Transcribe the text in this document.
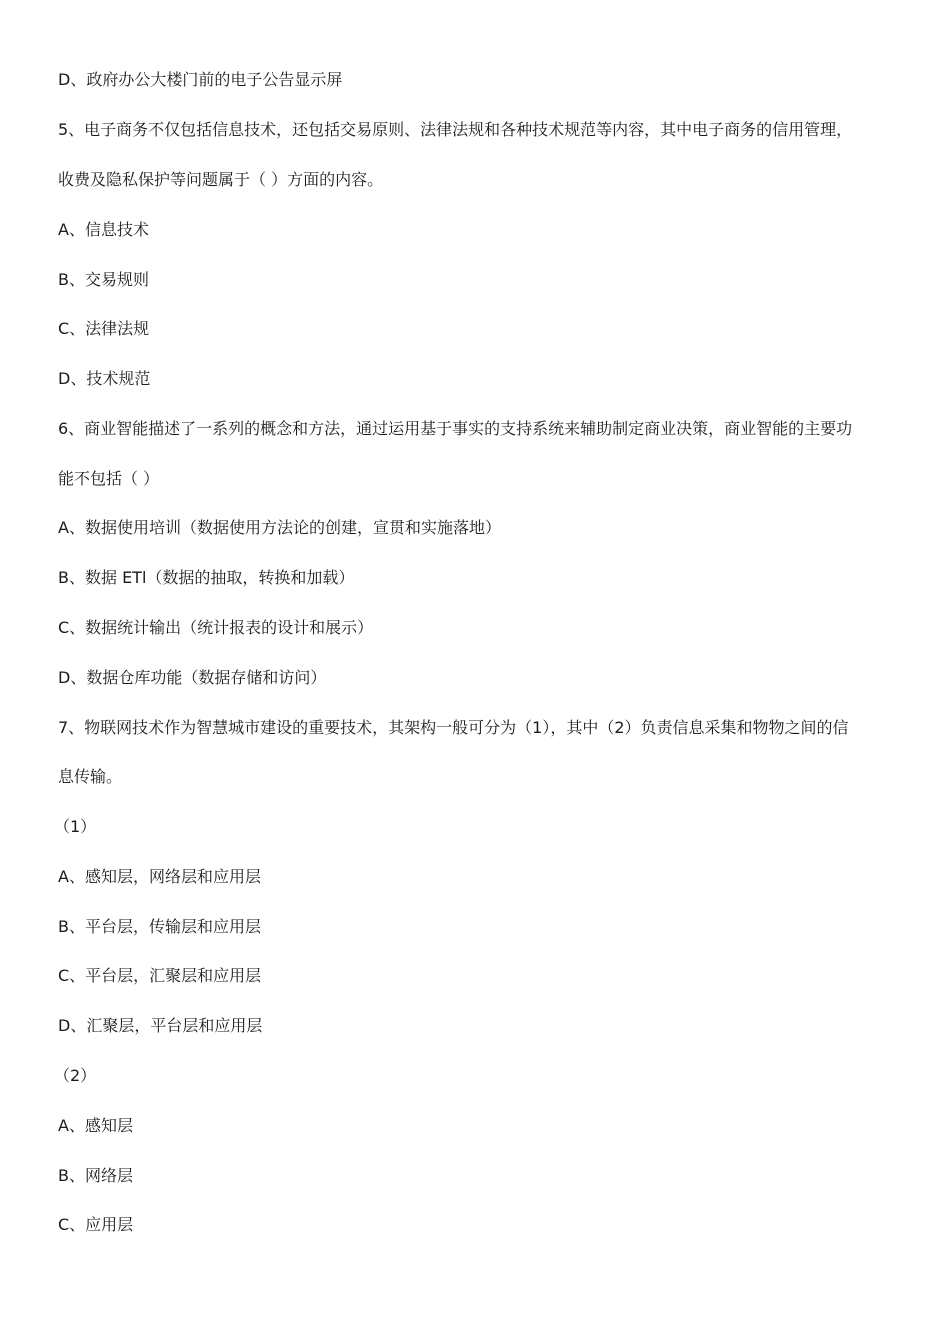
D、政府办公大楼门前的电子公告显示屏
5、电子商务不仅包括信息技术，还包括交易原则、法律法规和各种技术规范等内容，其中电子商务的信用管理，
收费及隐私保护等问题属于（ ）方面的内容。
A、信息技术
B、交易规则
C、法律法规
D、技术规范
6、商业智能描述了一系列的概念和方法，通过运用基于事实的支持系统来辅助制定商业决策，商业智能的主要功
能不包括（ ）
A、数据使用培训（数据使用方法论的创建，宣贯和实施落地）
B、数据 ETl（数据的抽取，转换和加载）
C、数据统计输出（统计报表的设计和展示）
D、数据仓库功能（数据存储和访问）
7、物联网技术作为智慧城市建设的重要技术，其架构一般可分为（1），其中（2）负责信息采集和物物之间的信
息传输。
（1）
A、感知层，网络层和应用层
B、平台层，传输层和应用层
C、平台层，汇聚层和应用层
D、汇聚层，平台层和应用层
（2）
A、感知层
B、网络层
C、应用层
